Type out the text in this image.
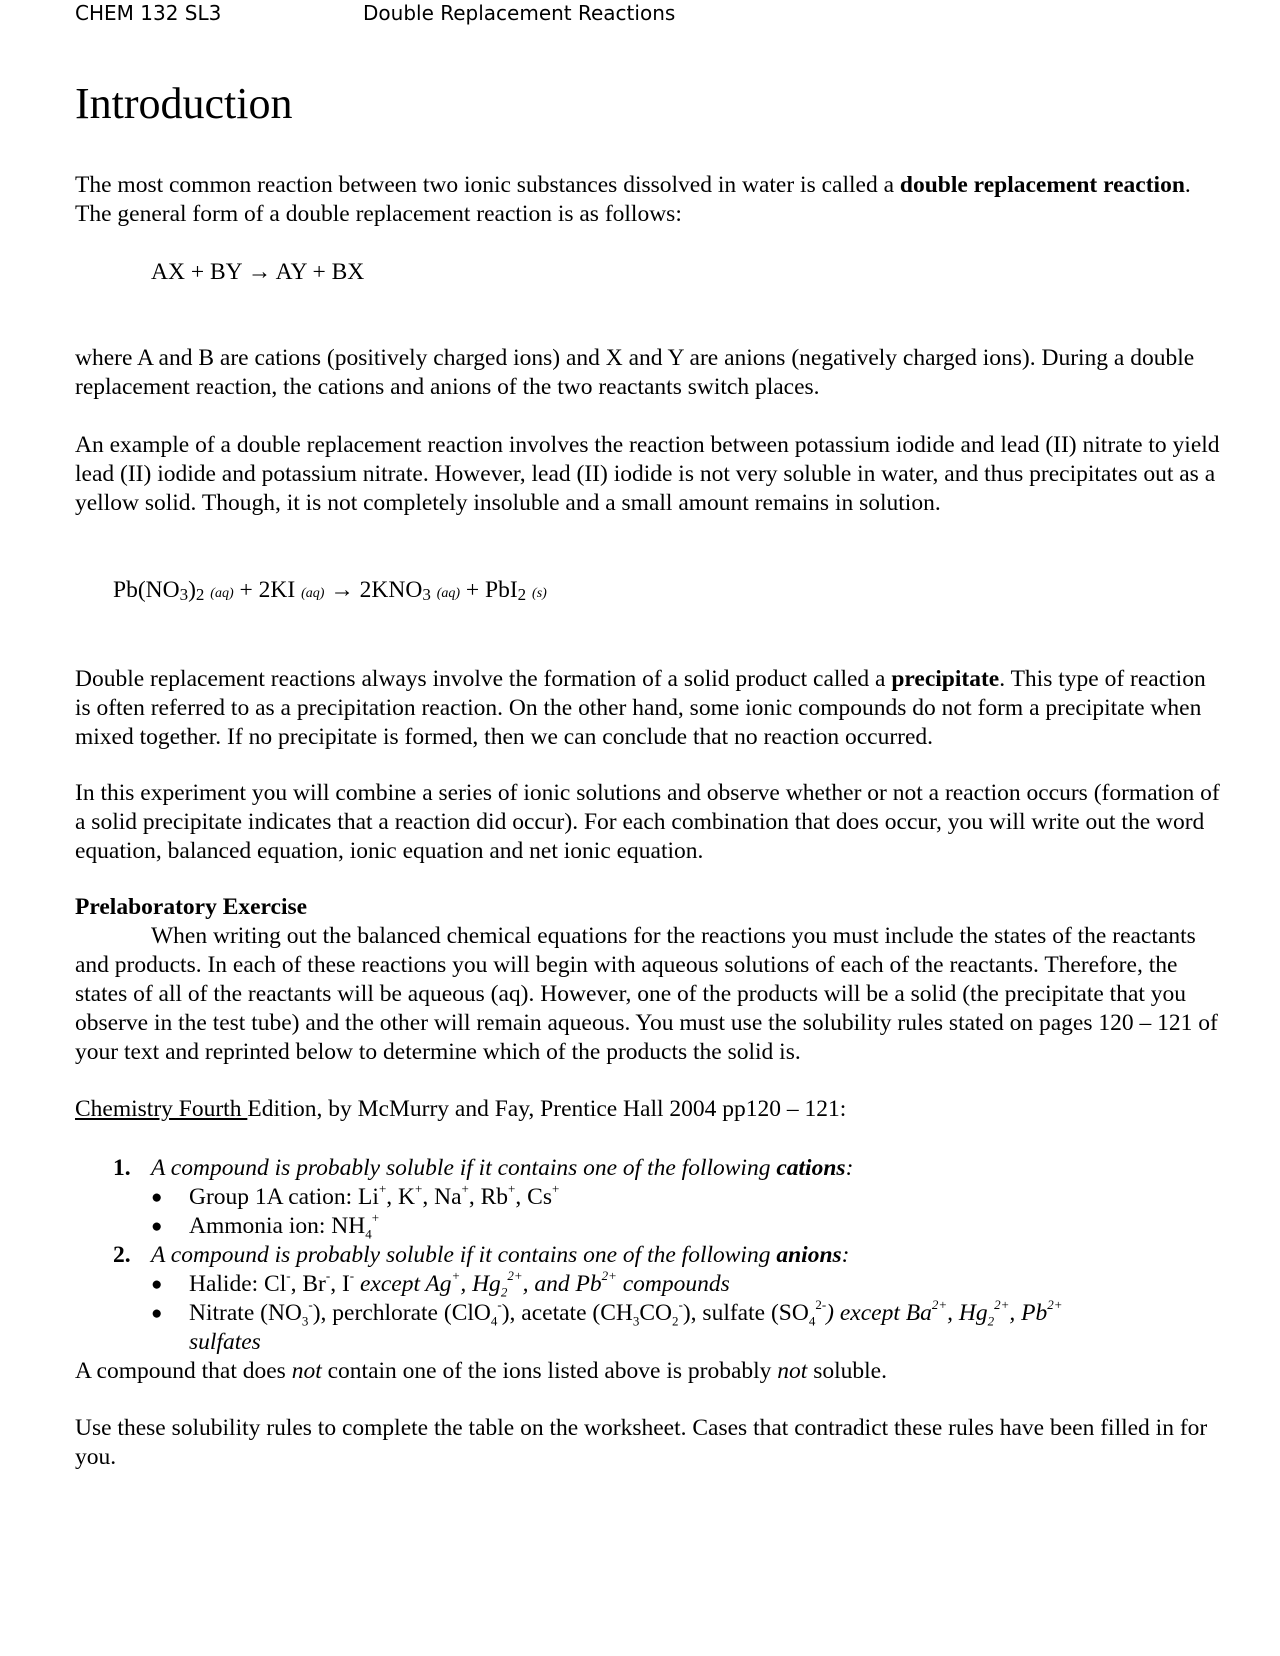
CHEM 132 SL3	Double Replacement Reactions
Introduction

The most common reaction between two ionic substances dissolved in water is called a double replacement reaction. The general form of a double replacement reaction is as follows:

AX + BY → AY + BX

where A and B are cations (positively charged ions) and X and Y are anions (negatively charged ions). During a double replacement reaction, the cations and anions of the two reactants switch places.

An example of a double replacement reaction involves the reaction between potassium iodide and lead (II) nitrate to yield lead (II) iodide and potassium nitrate. However, lead (II) iodide is not very soluble in water, and thus precipitates out as a yellow solid. Though, it is not completely insoluble and a small amount remains in solution.

Pb(NO3)2 (aq) + 2KI (aq) → 2KNO3 (aq) + PbI2 (s)

Double replacement reactions always involve the formation of a solid product called a precipitate. This type of reaction is often referred to as a precipitation reaction. On the other hand, some ionic compounds do not form a precipitate when mixed together. If no precipitate is formed, then we can conclude that no reaction occurred.

In this experiment you will combine a series of ionic solutions and observe whether or not a reaction occurs (formation of a solid precipitate indicates that a reaction did occur). For each combination that does occur, you will write out the word equation, balanced equation, ionic equation and net ionic equation.

Prelaboratory Exercise

When writing out the balanced chemical equations for the reactions you must include the states of the reactants and products. In each of these reactions you will begin with aqueous solutions of each of the reactants. Therefore, the states of all of the reactants will be aqueous (aq). However, one of the products will be a solid (the precipitate that you observe in the test tube) and the other will remain aqueous. You must use the solubility rules stated on pages 120 – 121 of your text and reprinted below to determine which of the products the solid is.

Chemistry Fourth Edition, by McMurry and Fay, Prentice Hall 2004 pp120 – 121:

1. A compound is probably soluble if it contains one of the following cations:
● Group 1A cation: Li+, K+, Na+, Rb+, Cs+
● Ammonia ion: $NH_4^+$
2. A compound is probably soluble if it contains one of the following anions:
● Halide: Cl-, Br-, I- except Ag+, $Hg_2^{2+}$, and $Pb^{2+}$ compounds
● Nitrate $(NO_3^-)$, perchlorate (ClO$_4$-), acetate $(CH_3CO_2^-)$, sulfate $(SO_4^{2-})$ except $Ba^{2+}$, $Hg_2^{2+}$, $Pb^{2+}$
sulfates

A compound that does not contain one of the ions listed above is probably not soluble.

Use these solubility rules to complete the table on the worksheet. Cases that contradict these rules have been filled in for you.
